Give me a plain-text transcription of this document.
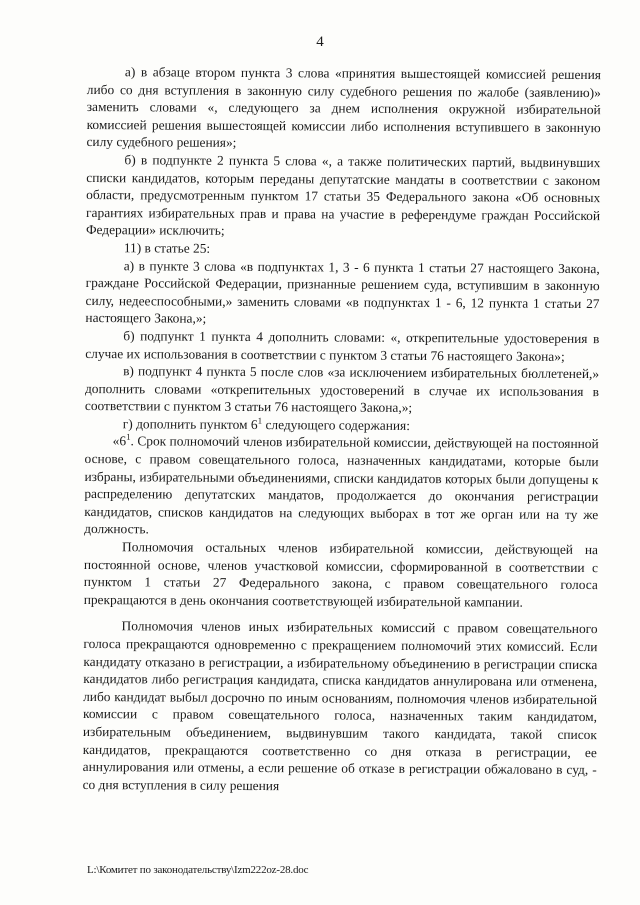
4

а) в абзаце втором пункта 3 слова «принятия вышестоящей комиссией решения либо со дня вступления в законную силу судебного решения по жалобе (заявлению)» заменить словами «, следующего за днем исполнения окружной избирательной комиссией решения вышестоящей комиссии либо исполнения вступившего в законную силу судебного решения»;

б) в подпункте 2 пункта 5 слова «, а также политических партий, выдвинувших списки кандидатов, которым переданы депутатские мандаты в соответствии с законом области, предусмотренным пунктом 17 статьи 35 Федерального закона «Об основных гарантиях избирательных прав и права на участие в референдуме граждан Российской Федерации» исключить;

11) в статье 25:

а) в пункте 3 слова «в подпунктах 1, 3 - 6 пункта 1 статьи 27 настоящего Закона, граждане Российской Федерации, признанные решением суда, вступившим в законную силу, недееспособными,» заменить словами «в подпунктах 1 - 6, 12 пункта 1 статьи 27 настоящего Закона,»;

б) подпункт 1 пункта 4 дополнить словами: «, открепительные удостоверения в случае их использования в соответствии с пунктом 3 статьи 76 настоящего Закона»;

в) подпункт 4 пункта 5 после слов «за исключением избирательных бюллетеней,» дополнить словами «открепительных удостоверений в случае их использования в соответствии с пунктом 3 статьи 76 настоящего Закона,»;

г) дополнить пунктом $6^1$ следующего содержания:

«$6^1$. Срок полномочий членов избирательной комиссии, действующей на постоянной основе, с правом совещательного голоса, назначенных кандидатами, которые были избраны, избирательными объединениями, списки кандидатов которых были допущены к распределению депутатских мандатов, продолжается до окончания регистрации кандидатов, списков кандидатов на следующих выборах в тот же орган или на ту же должность.

Полномочия остальных членов избирательной комиссии, действующей на постоянной основе, членов участковой комиссии, сформированной в соответствии с пунктом 1 статьи 27 Федерального закона, с правом совещательного голоса прекращаются в день окончания соответствующей избирательной кампании.

Полномочия членов иных избирательных комиссий с правом совещательного голоса прекращаются одновременно с прекращением полномочий этих комиссий. Если кандидату отказано в регистрации, а избирательному объединению в регистрации списка кандидатов либо регистрация кандидата, списка кандидатов аннулирована или отменена, либо кандидат выбыл досрочно по иным основаниям, полномочия членов избирательной комиссии с правом совещательного голоса, назначенных таким кандидатом, избирательным объединением, выдвинувшим такого кандидата, такой список кандидатов, прекращаются соответственно со дня отказа в регистрации, ее аннулирования или отмены, а если решение об отказе в регистрации обжаловано в суд, - со дня вступления в силу решения

L:\Комитет по законодательству\Izm222oz-28.doc
